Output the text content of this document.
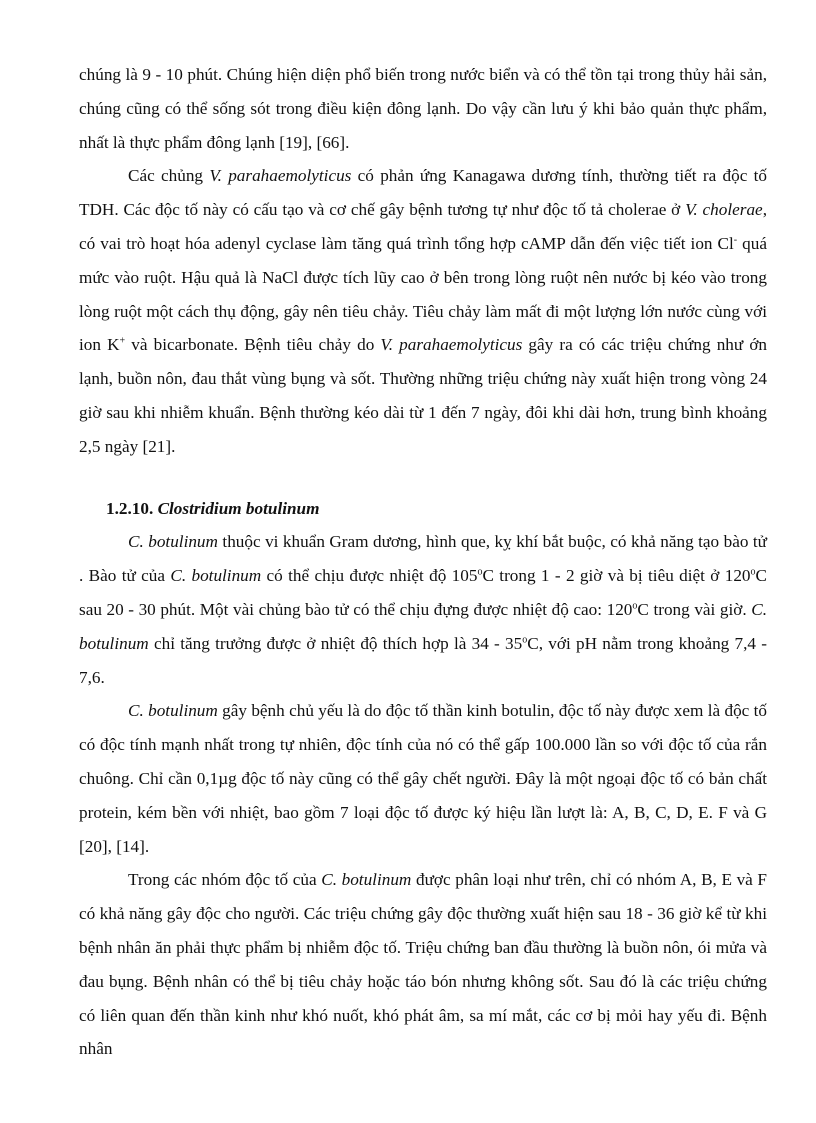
chúng là 9 - 10 phút. Chúng hiện diện phổ biến trong nước biển và có thể tồn tại trong thủy hải sản, chúng cũng có thể sống sót trong điều kiện đông lạnh. Do vậy cần lưu ý khi bảo quản thực phẩm, nhất là thực phẩm đông lạnh [19], [66].

Các chủng V. parahaemolyticus có phản ứng Kanagawa dương tính, thường tiết ra độc tố TDH. Các độc tố này có cấu tạo và cơ chế gây bệnh tương tự như độc tố tả cholerae ở V. cholerae, có vai trò hoạt hóa adenyl cyclase làm tăng quá trình tổng hợp cAMP dẫn đến việc tiết ion Cl- quá mức vào ruột. Hậu quả là NaCl được tích lũy cao ở bên trong lòng ruột nên nước bị kéo vào trong lòng ruột một cách thụ động, gây nên tiêu chảy. Tiêu chảy làm mất đi một lượng lớn nước cùng với ion K+ và bicarbonate. Bệnh tiêu chảy do V. parahaemolyticus gây ra có các triệu chứng như ớn lạnh, buồn nôn, đau thắt vùng bụng và sốt. Thường những triệu chứng này xuất hiện trong vòng 24 giờ sau khi nhiễm khuẩn. Bệnh thường kéo dài từ 1 đến 7 ngày, đôi khi dài hơn, trung bình khoảng 2,5 ngày [21].

1.2.10. Clostridium botulinum

C. botulinum thuộc vi khuẩn Gram dương, hình que, kỵ khí bắt buộc, có khả năng tạo bào tử . Bào tử của C. botulinum có thể chịu được nhiệt độ 105$^o$C trong 1 - 2 giờ và bị tiêu diệt ở 120$^o$C sau 20 - 30 phút. Một vài chủng bào tử có thể chịu đựng được nhiệt độ cao: 120$^o$C trong vài giờ. C. botulinum chỉ tăng trưởng được ở nhiệt độ thích hợp là 34 - 35$^o$C, với pH nằm trong khoảng 7,4 - 7,6.

C. botulinum gây bệnh chủ yếu là do độc tố thần kinh botulin, độc tố này được xem là độc tố có độc tính mạnh nhất trong tự nhiên, độc tính của nó có thể gấp 100.000 lần so với độc tố của rắn chuông. Chỉ cần 0,1µg độc tố này cũng có thể gây chết người. Đây là một ngoại độc tố có bản chất protein, kém bền với nhiệt, bao gồm 7 loại độc tố được ký hiệu lần lượt là: A, B, C, D, E. F và G [20], [14].

Trong các nhóm độc tố của C. botulinum được phân loại như trên, chỉ có nhóm A, B, E và F có khả năng gây độc cho người. Các triệu chứng gây độc thường xuất hiện sau 18 - 36 giờ kể từ khi bệnh nhân ăn phải thực phẩm bị nhiễm độc tố. Triệu chứng ban đầu thường là buồn nôn, ói mửa và đau bụng. Bệnh nhân có thể bị tiêu chảy hoặc táo bón nhưng không sốt. Sau đó là các triệu chứng có liên quan đến thần kinh như khó nuốt, khó phát âm, sa mí mắt, các cơ bị mỏi hay yếu đi. Bệnh nhân
